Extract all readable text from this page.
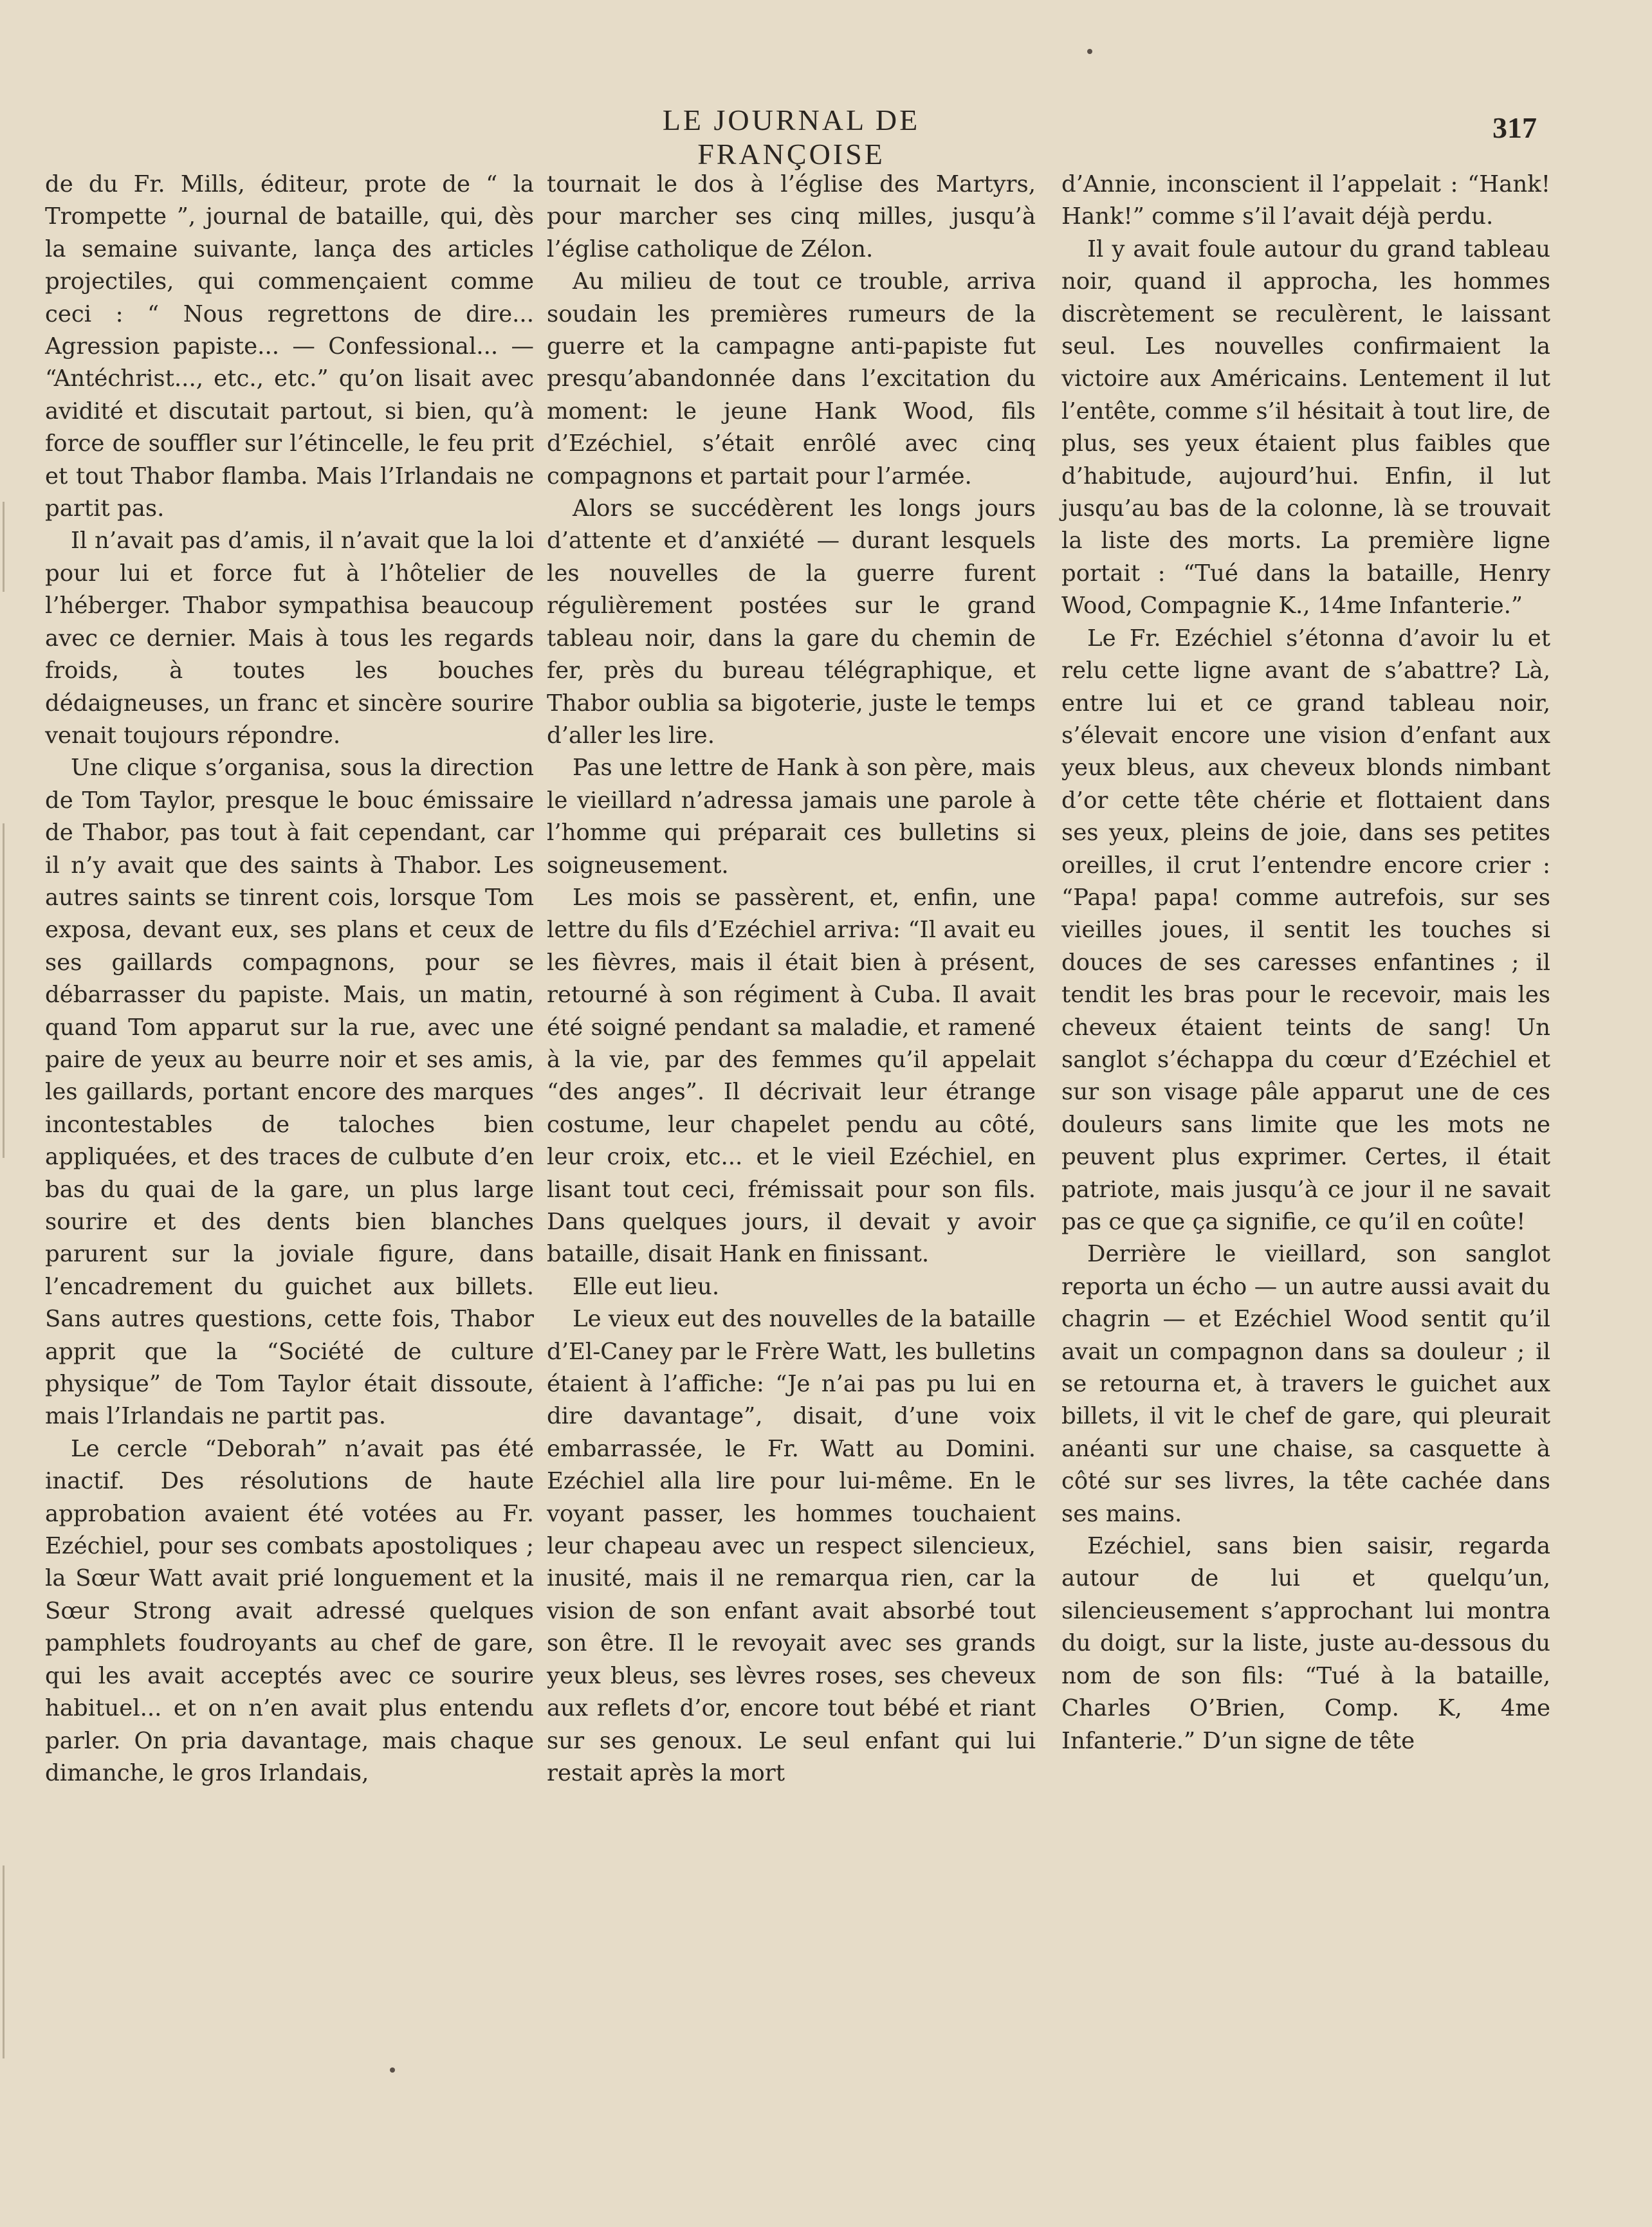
LE JOURNAL DE FRANÇOISE
317

de du Fr. Mills, éditeur, prote de “ la Trompette ”, journal de bataille, qui, dès la semaine suivante, lança des articles projectiles, qui commençaient comme ceci : “ Nous regrettons de dire... Agression papiste... — Confessional... — “Antéchrist..., etc., etc.” qu’on lisait avec avidité et discutait partout, si bien, qu’à force de souffler sur l’étincelle, le feu prit et tout Thabor flamba. Mais l’Irlandais ne partit pas.

Il n’avait pas d’amis, il n’avait que la loi pour lui et force fut à l’hôtelier de l’héberger. Thabor sympathisa beaucoup avec ce dernier. Mais à tous les regards froids, à toutes les bouches dédaigneuses, un franc et sincère sourire venait toujours répondre.

Une clique s’organisa, sous la direction de Tom Taylor, presque le bouc émissaire de Thabor, pas tout à fait cependant, car il n’y avait que des saints à Thabor. Les autres saints se tinrent cois, lorsque Tom exposa, devant eux, ses plans et ceux de ses gaillards compagnons, pour se débarrasser du papiste. Mais, un matin, quand Tom apparut sur la rue, avec une paire de yeux au beurre noir et ses amis, les gaillards, portant encore des marques incontestables de taloches bien appliquées, et des traces de culbute d’en bas du quai de la gare, un plus large sourire et des dents bien blanches parurent sur la joviale figure, dans l’encadrement du guichet aux billets. Sans autres questions, cette fois, Thabor apprit que la “Société de culture physique” de Tom Taylor était dissoute, mais l’Irlandais ne partit pas.

Le cercle “Deborah” n’avait pas été inactif. Des résolutions de haute approbation avaient été votées au Fr. Ezéchiel, pour ses combats apostoliques ; la Sœur Watt avait prié longuement et la Sœur Strong avait adressé quelques pamphlets foudroyants au chef de gare, qui les avait acceptés avec ce sourire habituel... et on n’en avait plus entendu parler. On pria davantage, mais chaque dimanche, le gros Irlandais,

tournait le dos à l’église des Martyrs, pour marcher ses cinq milles, jusqu’à l’église catholique de Zélon.

Au milieu de tout ce trouble, arriva soudain les premières rumeurs de la guerre et la campagne anti-papiste fut presqu’abandonnée dans l’excitation du moment: le jeune Hank Wood, fils d’Ezéchiel, s’était enrôlé avec cinq compagnons et partait pour l’armée.

Alors se succédèrent les longs jours d’attente et d’anxiété — durant lesquels les nouvelles de la guerre furent régulièrement postées sur le grand tableau noir, dans la gare du chemin de fer, près du bureau télégraphique, et Thabor oublia sa bigoterie, juste le temps d’aller les lire.

Pas une lettre de Hank à son père, mais le vieillard n’adressa jamais une parole à l’homme qui préparait ces bulletins si soigneusement.

Les mois se passèrent, et, enfin, une lettre du fils d’Ezéchiel arriva: “Il avait eu les fièvres, mais il était bien à présent, retourné à son régiment à Cuba. Il avait été soigné pendant sa maladie, et ramené à la vie, par des femmes qu’il appelait “des anges”. Il décrivait leur étrange costume, leur chapelet pendu au côté, leur croix, etc... et le vieil Ezéchiel, en lisant tout ceci, frémissait pour son fils. Dans quelques jours, il devait y avoir bataille, disait Hank en finissant.

Elle eut lieu.

Le vieux eut des nouvelles de la bataille d’El-Caney par le Frère Watt, les bulletins étaient à l’affiche: “Je n’ai pas pu lui en dire davantage”, disait, d’une voix embarrassée, le Fr. Watt au Domini. Ezéchiel alla lire pour lui-même. En le voyant passer, les hommes touchaient leur chapeau avec un respect silencieux, inusité, mais il ne remarqua rien, car la vision de son enfant avait absorbé tout son être. Il le revoyait avec ses grands yeux bleus, ses lèvres roses, ses cheveux aux reflets d’or, encore tout bébé et riant sur ses genoux. Le seul enfant qui lui restait après la mort

d’Annie, inconscient il l’appelait : “Hank! Hank!” comme s’il l’avait déjà perdu.

Il y avait foule autour du grand tableau noir, quand il approcha, les hommes discrètement se reculèrent, le laissant seul. Les nouvelles confirmaient la victoire aux Américains. Lentement il lut l’entête, comme s’il hésitait à tout lire, de plus, ses yeux étaient plus faibles que d’habitude, aujourd’hui. Enfin, il lut jusqu’au bas de la colonne, là se trouvait la liste des morts. La première ligne portait : “Tué dans la bataille, Henry Wood, Compagnie K., 14me Infanterie.”

Le Fr. Ezéchiel s’étonna d’avoir lu et relu cette ligne avant de s’abattre? Là, entre lui et ce grand tableau noir, s’élevait encore une vision d’enfant aux yeux bleus, aux cheveux blonds nimbant d’or cette tête chérie et flottaient dans ses yeux, pleins de joie, dans ses petites oreilles, il crut l’entendre encore crier : “Papa! papa! comme autrefois, sur ses vieilles joues, il sentit les touches si douces de ses caresses enfantines ; il tendit les bras pour le recevoir, mais les cheveux étaient teints de sang! Un sanglot s’échappa du cœur d’Ezéchiel et sur son visage pâle apparut une de ces douleurs sans limite que les mots ne peuvent plus exprimer. Certes, il était patriote, mais jusqu’à ce jour il ne savait pas ce que ça signifie, ce qu’il en coûte!

Derrière le vieillard, son sanglot reporta un écho — un autre aussi avait du chagrin — et Ezéchiel Wood sentit qu’il avait un compagnon dans sa douleur ; il se retourna et, à travers le guichet aux billets, il vit le chef de gare, qui pleurait anéanti sur une chaise, sa casquette à côté sur ses livres, la tête cachée dans ses mains.

Ezéchiel, sans bien saisir, regarda autour de lui et quelqu’un, silencieusement s’approchant lui montra du doigt, sur la liste, juste au-dessous du nom de son fils: “Tué à la bataille, Charles O’Brien, Comp. K, 4me Infanterie.” D’un signe de tête
